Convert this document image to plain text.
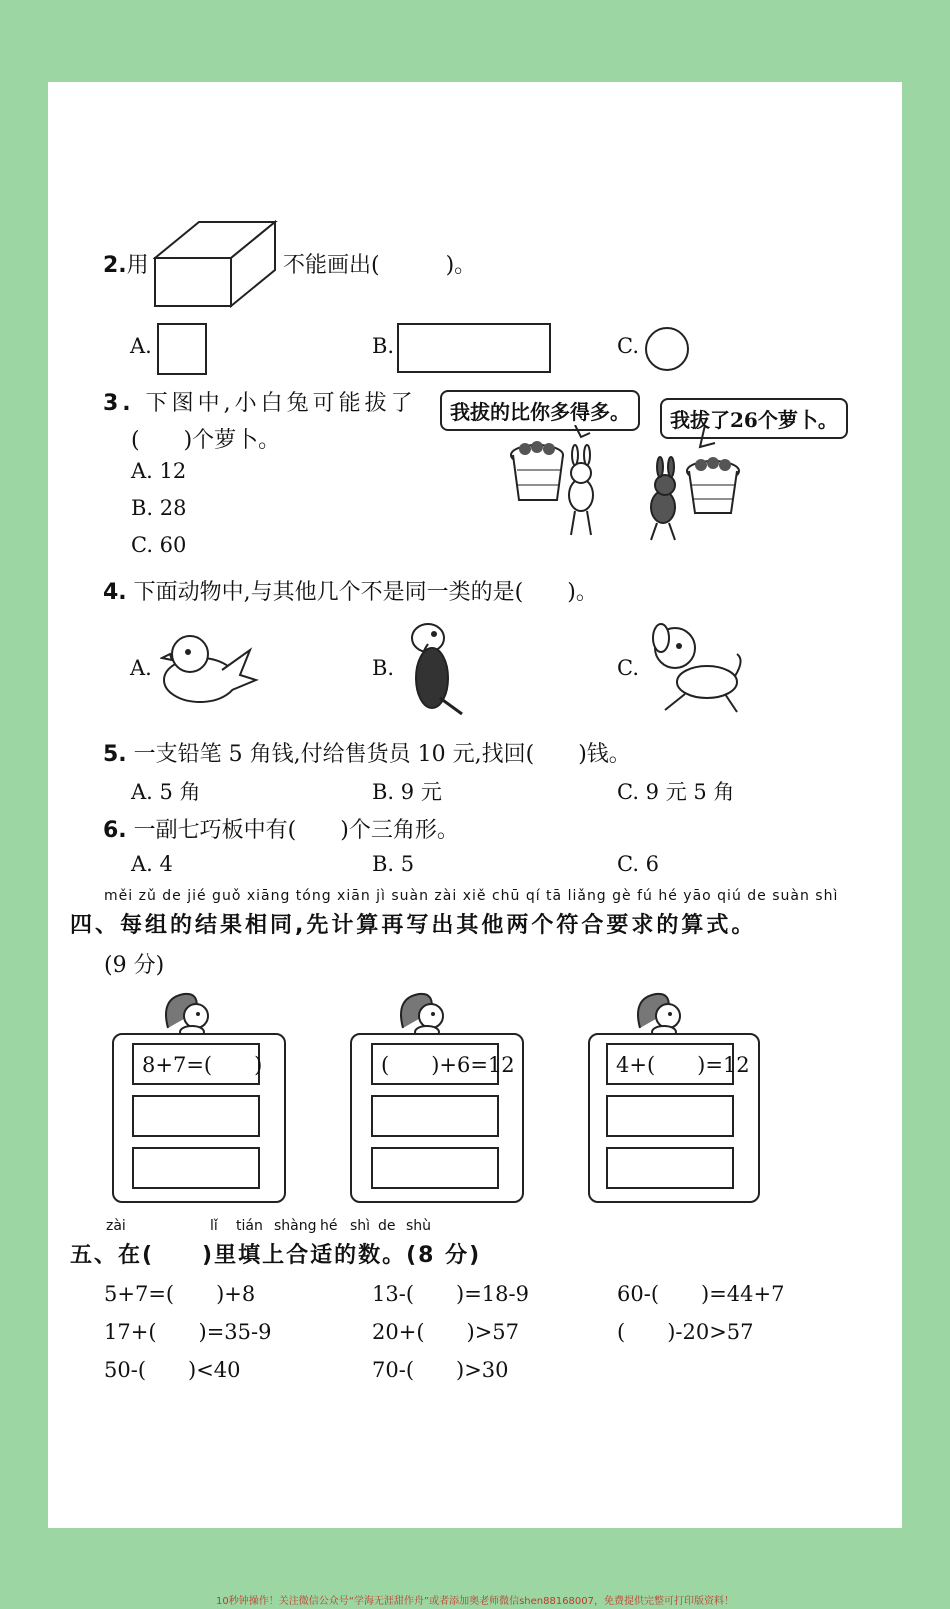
2.用	不能画出(　　　)。
A.	B.	C.
3. 下图中,小白兔可能拔了
(　　)个萝卜。
A. 12
B. 28
C. 60
我拔的比你多得多。	我拔了26个萝卜。
4. 下面动物中,与其他几个不是同一类的是(　　)。
A.	B.	C.
5. 一支铅笔 5 角钱,付给售货员 10 元,找回(　　)钱。
A. 5 角	B. 9 元	C. 9 元 5 角
6. 一副七巧板中有(　　)个三角形。
A. 4	B. 5	C. 6
měi zǔ de jié guǒ xiāng tóng xiān jì suàn zài xiě chū qí tā liǎng gè fú hé yāo qiú de suàn shì
四、每组的结果相同,先计算再写出其他两个符合要求的算式。
(9 分)
8+7=(　　)	(　　)+6=12	4+(　　)=12
zài	lǐ tián shàng hé shì de shù
五、在(　　)里填上合适的数。(8 分)
5+7=(　　)+8	13-(　　)=18-9	60-(　　)=44+7
17+(　　)=35-9	20+(　　)>57	(　　)-20>57
50-(　　)<40	70-(　　)>30
10秒钟操作！关注微信公众号“学海无涯甜作舟”或者添加奥老师微信shen88168007，免费提供完整可打印版资料！
